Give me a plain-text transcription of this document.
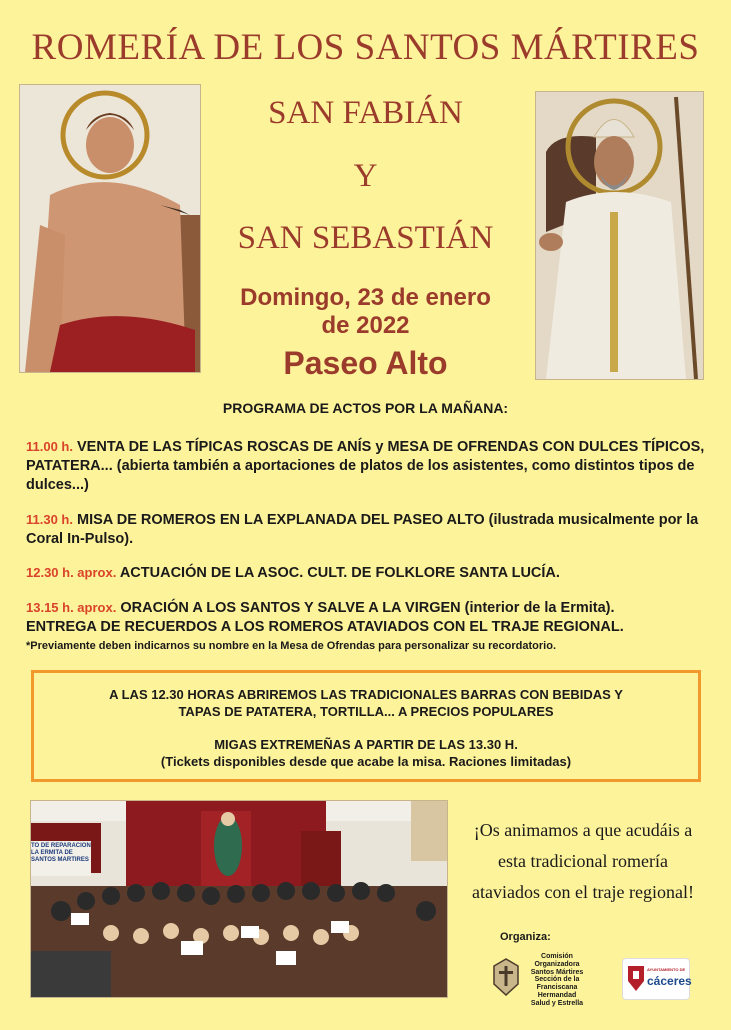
ROMERÍA DE LOS SANTOS MÁRTIRES
SAN FABIÁN
Y
SAN SEBASTIÁN
Domingo, 23 de enero
de 2022
Paseo Alto
PROGRAMA DE ACTOS POR LA MAÑANA:
11.00 h. VENTA DE LAS TÍPICAS ROSCAS DE ANÍS y MESA DE OFRENDAS CON DULCES TÍPICOS, PATATERA... (abierta también a aportaciones de platos de los asistentes, como distintos tipos de dulces...)
11.30 h. MISA DE ROMEROS EN LA EXPLANADA DEL PASEO ALTO (ilustrada musicalmente por la Coral In-Pulso).
12.30 h. aprox. ACTUACIÓN DE LA ASOC. CULT. DE FOLKLORE SANTA LUCÍA.
13.15 h. aprox. ORACIÓN A LOS SANTOS Y SALVE A LA VIRGEN (interior de la Ermita).
ENTREGA DE RECUERDOS A LOS ROMEROS ATAVIADOS CON EL TRAJE REGIONAL.
*Previamente deben indicarnos su nombre en la Mesa de Ofrendas para personalizar su recordatorio.

A LAS 12.30 HORAS ABRIREMOS LAS TRADICIONALES BARRAS CON BEBIDAS Y

TAPAS DE PATATERA, TORTILLA... A PRECIOS POPULARES

MIGAS EXTREMEÑAS A PARTIR DE LAS 13.30 H.

(Tickets disponibles desde que acabe la misa. Raciones limitadas)

TO DE REPARACION LA ERMITA DE SANTOS MARTIRES
¡Os animamos a que acudáis a
esta tradicional romería
ataviados con el traje regional!
Organiza:
Comisión Organizadora
Santos Mártires
Sección de la
Franciscana
Hermandad
Salud y Estrella
AYUNTAMIENTO DE
cáceres
